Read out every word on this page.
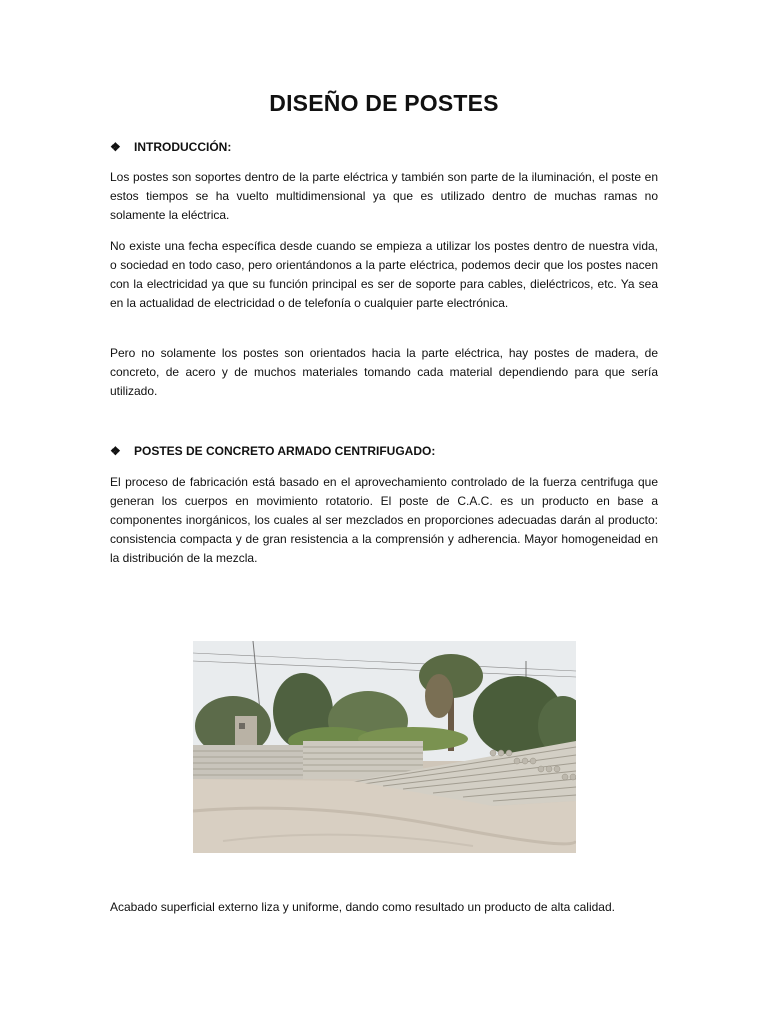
DISEÑO DE POSTES
❖	INTRODUCCIÓN:

Los postes son soportes dentro de la parte eléctrica y también son parte de la iluminación, el poste en estos tiempos se ha vuelto multidimensional ya que es utilizado dentro de muchas ramas no solamente la eléctrica.

No existe una fecha específica desde cuando se empieza a utilizar los postes dentro de nuestra vida, o sociedad en todo caso, pero orientándonos a la parte eléctrica, podemos decir que los postes nacen con la electricidad ya que su función principal es ser de soporte para cables, dieléctricos, etc. Ya sea en la actualidad de electricidad o de telefonía o cualquier parte electrónica.

Pero no solamente los postes son orientados hacia la parte eléctrica, hay postes de madera, de concreto, de acero y de muchos materiales tomando cada material dependiendo para que sería utilizado.

❖	POSTES DE CONCRETO ARMADO CENTRIFUGADO:

El proceso de fabricación está basado en el aprovechamiento controlado de la fuerza centrifuga que generan los cuerpos en movimiento rotatorio. El poste de C.A.C. es un producto en base a componentes inorgánicos, los cuales al ser mezclados en proporciones adecuadas darán al producto: consistencia compacta y de gran resistencia a la comprensión y adherencia. Mayor homogeneidad en la distribución de la mezcla.

Acabado superficial externo liza y uniforme, dando como resultado un producto de alta calidad.
